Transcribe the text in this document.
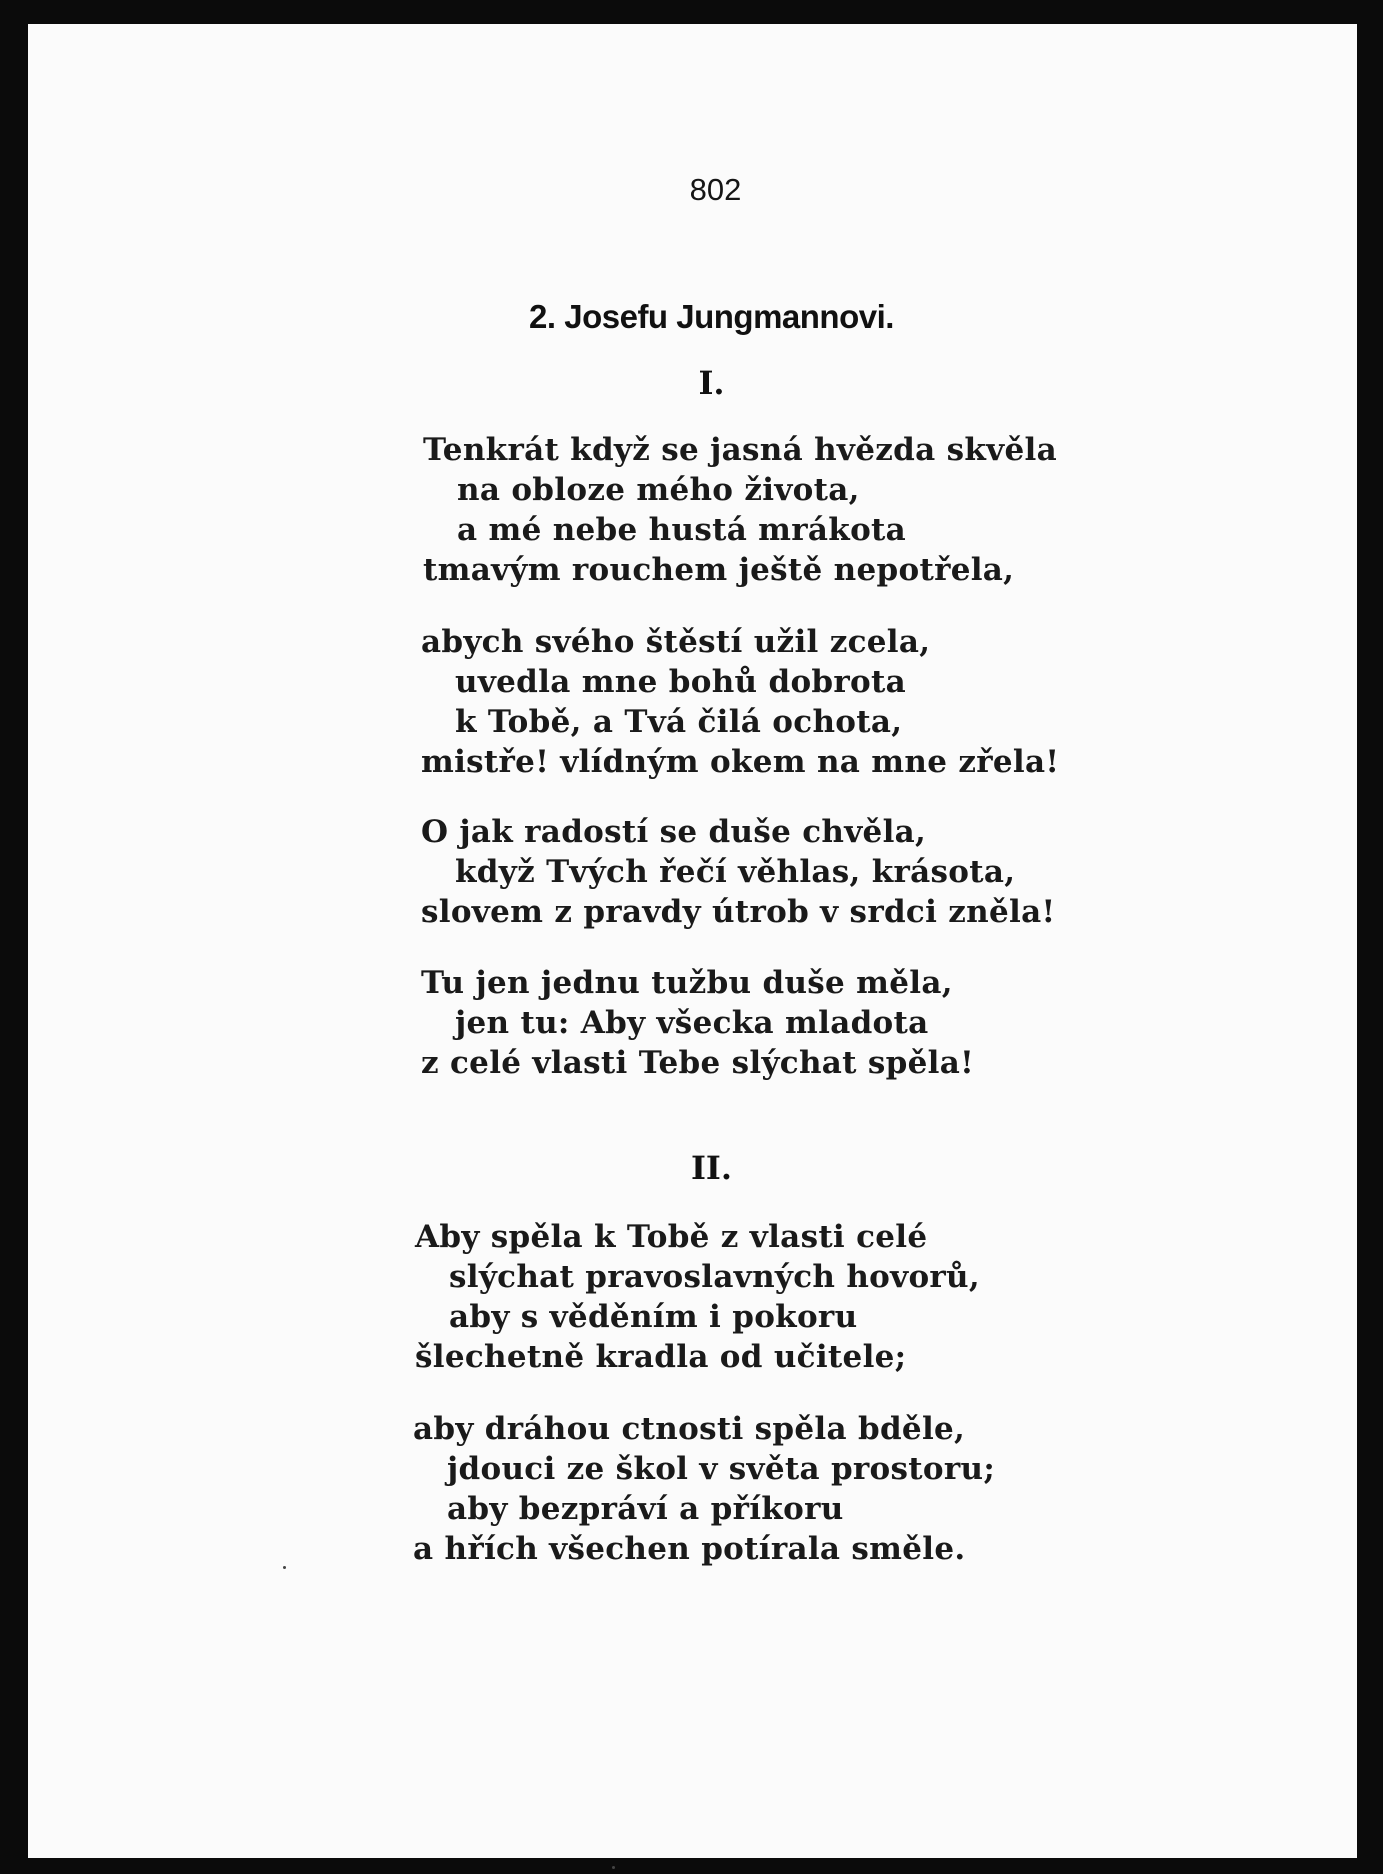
802
2. Josefu Jungmannovi.
I.
Tenkrát když se jasná hvězda skvěla
na obloze mého života,
a mé nebe hustá mrákota
tmavým rouchem ještě nepotřela,
abych svého štěstí užil zcela,
uvedla mne bohů dobrota
k Tobě, a Tvá čilá ochota,
mistře! vlídným okem na mne zřela!
O jak radostí se duše chvěla,
když Tvých řečí věhlas, krásota,
slovem z pravdy útrob v srdci zněla!
Tu jen jednu tužbu duše měla,
jen tu: Aby všecka mladota
z celé vlasti Tebe slýchat spěla!
II.
Aby spěla k Tobě z vlasti celé
slýchat pravoslavných hovorů,
aby s věděním i pokoru
šlechetně kradla od učitele;
aby dráhou ctnosti spěla bděle,
jdouci ze škol v světa prostoru;
aby bezpráví a příkoru
a hřích všechen potírala směle.
